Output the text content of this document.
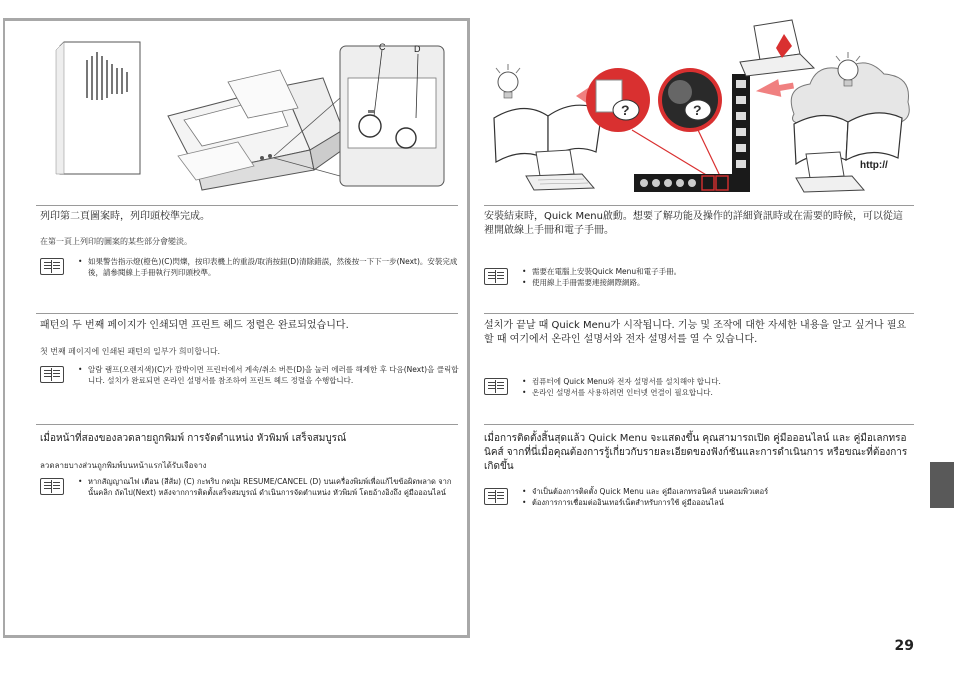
C	D

列印第二頁圖案時，列印頭校準完成。

在第一頁上列印的圖案的某些部分會變淡。

• 如果警告指示燈(橙色)(C)閃爍，按印表機上的重設/取消按鈕(D)清除錯誤，然後按一下下一步(Next)。安裝完成後，請參閱線上手冊執行列印頭校準。

패턴의 두 번째 페이지가 인쇄되면 프린트 헤드 정렬은 완료되었습니다.

첫 번째 페이지에 인쇄된 패턴의 일부가 희미합니다.

• 알람 램프(오렌지색)(C)가 깜박이면 프린터에서 계속/취소 버튼(D)을 눌러 에러를 해제한 후 다음(Next)을 클릭합니다. 설치가 완료되면 온라인 설명서를 참조하여 프린트 헤드 정렬을 수행합니다.

เมื่อหน้าที่สองของลวดลายถูกพิมพ์ การจัดตำแหน่ง หัวพิมพ์ เสร็จสมบูรณ์

ลวดลายบางส่วนถูกพิมพ์บนหน้าแรกได้รับเจือจาง

• หากสัญญาณไฟ เตือน (สีส้ม) (C) กะพริบ กดปุ่ม RESUME/CANCEL (D) บนเครื่องพิมพ์เพื่อแก้ไขข้อผิดพลาด จากนั้นคลิก ถัดไป(Next) หลังจากการติดตั้งเสร็จสมบูรณ์ ดำเนินการจัดตำแหน่ง หัวพิมพ์ โดยอ้างอิงถึง คู่มือออนไลน์
?	?
http://

安裝結束時，Quick Menu啟動。想要了解功能及操作的詳細資訊時或在需要的時候，可以從這裡開啟線上手冊和電子手冊。

• 需要在電腦上安裝Quick Menu和電子手冊。
• 使用線上手冊需要連接網際網路。

설치가 끝날 때 Quick Menu가 시작됩니다. 기능 및 조작에 대한 자세한 내용을 알고 싶거나 필요할 때 여기에서 온라인 설명서와 전자 설명서를 열 수 있습니다.

• 컴퓨터에 Quick Menu와 전자 설명서를 설치해야 합니다.
• 온라인 설명서를 사용하려면 인터넷 연결이 필요합니다.

เมื่อการติดตั้งสิ้นสุดแล้ว Quick Menu จะแสดงขึ้น คุณสามารถเปิด คู่มือออนไลน์ และ คู่มือเลกทรอนิคส์ จากที่นี่เมื่อคุณต้องการรู้เกี่ยวกับรายละเอียดของฟังก์ชันและการดำเนินการ หรือขณะที่ต้องการเกิดขึ้น

• จำเป็นต้องการติดตั้ง Quick Menu และ คู่มือเลกทรอนิคส์ บนคอมพิวเตอร์
• ต้องการการเชื่อมต่ออินเทอร์เน็ตสำหรับการใช้ คู่มือออนไลน์
29
